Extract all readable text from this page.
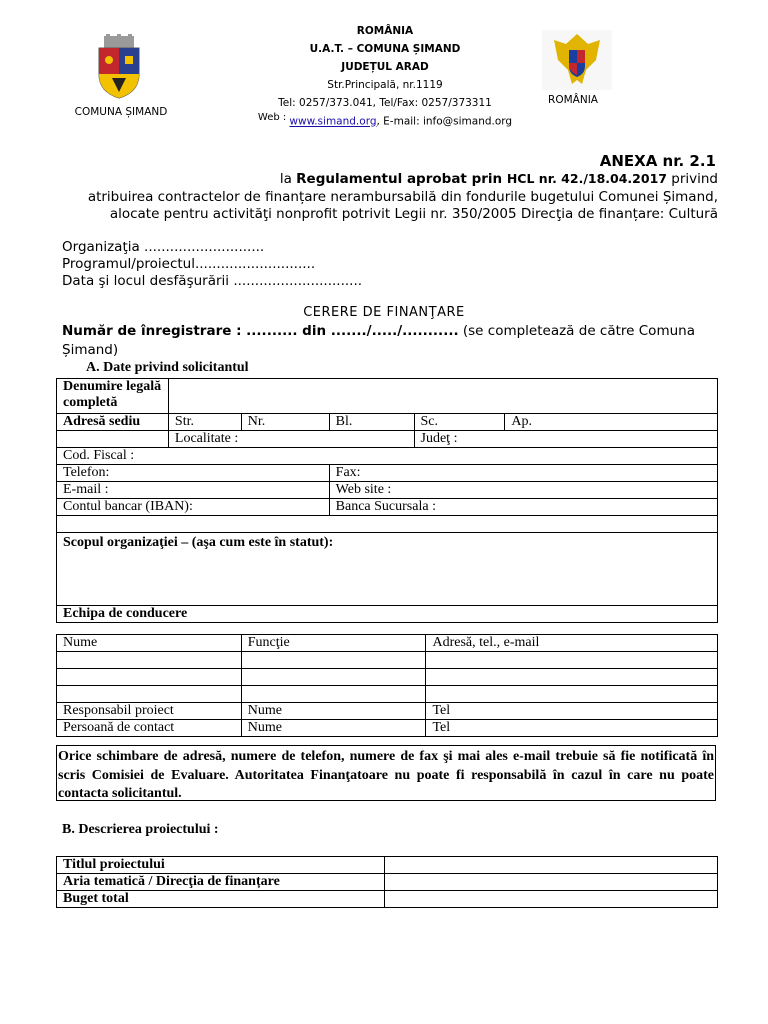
COMUNA ȘIMAND
ROMÂNIA
U.A.T. – COMUNA ȘIMAND
JUDEȚUL ARAD
Str.Principală, nr.1119
Tel: 0257/373.041, Tel/Fax: 0257/373311
Web : www.simand.org, E-mail: info@simand.org
ROMÂNIA
ANEXA nr. 2.1
la Regulamentul aprobat prin HCL nr. 42./18.04.2017 privind
atribuirea contractelor de finanțare nerambursabilă din fondurile bugetului Comunei Șimand,
alocate pentru activităţi nonprofit potrivit Legii nr. 350/2005 Direcţia de finanțare: Cultură
Organizaţia ............................
Programul/proiectul............................
Data şi locul desfăşurării ..............................
CERERE DE FINANŢARE
Număr de înregistrare : .......... din ......./...../........... (se completează de către Comuna Șimand)
A. Date privind solicitantul
Denumire legală completă					
Adresă sediu	Str.	Nr.	Bl.	Sc.	Ap.
	Localitate :			Judeţ :	
Cod. Fiscal :					
Telefon:			Fax:		
E-mail :			Web site :		
Contul bancar (IBAN):			Banca Sucursala :		

Scopul organizaţiei – (aşa cum este în statut):					
Echipa de conducere					
Nume	Funcţie	Adresă, tel., e-mail

Responsabil proiect	Nume	Tel
Persoană de contact	Nume	Tel
Orice schimbare de adresă, numere de telefon, numere de fax şi mai ales e-mail trebuie să fie notificată în scris Comisiei de Evaluare. Autoritatea Finanţatoare nu poate fi responsabilă în cazul în care nu poate contacta solicitantul.
B. Descrierea proiectului :
Titlul proiectului	
Aria tematică / Direcţia de finanțare	
Buget total	
